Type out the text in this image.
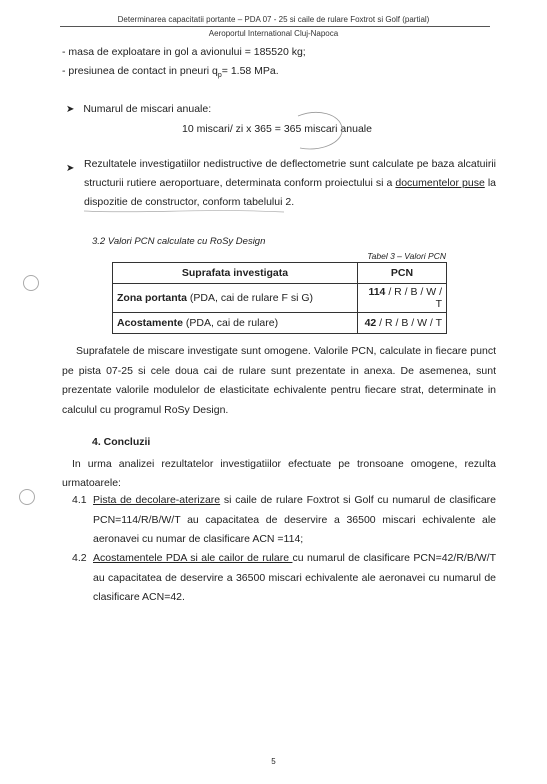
Determinarea capacitatii portante – PDA 07 - 25 si caile de rulare Foxtrot si Golf (partial)
Aeroportul International Cluj-Napoca
- masa de exploatare in gol a avionului = 185520 kg;
- presiunea de contact in pneuri $q_p= 1.58$ MPa.
➤ Numarul de miscari anuale:
10 miscari/ zi x 365 = 365 miscari anuale
➤ Rezultatele investigatiilor nedistructive de deflectometrie sunt calculate pe baza alcatuirii structurii rutiere aeroportuare, determinata conform proiectului si a documentelor puse la dispozitie de constructor, conform tabelului 2.
3.2 Valori PCN calculate cu RoSy Design
Tabel 3 – Valori PCN
Suprafata investigata	PCN
Zona portanta (PDA, cai de rulare F si G)	114 / R / B / W / T
Acostamente (PDA, cai de rulare)	42 / R / B / W / T
Suprafatele de miscare investigate sunt omogene. Valorile PCN, calculate in fiecare punct pe pista 07-25 si cele doua cai de rulare sunt prezentate in anexa. De asemenea, sunt prezentate valorile modulelor de elasticitate echivalente pentru fiecare strat, determinate in calculul cu programul RoSy Design.
4. Concluzii
In urma analizei rezultatelor investigatiilor efectuate pe tronsoane omogene, rezulta urmatoarele:
4.1 Pista de decolare-aterizare si caile de rulare Foxtrot si Golf cu numarul de clasificare PCN=114/R/B/W/T au capacitatea de deservire a 36500 miscari echivalente ale aeronavei cu numar de clasificare ACN =114;
4.2 Acostamentele PDA si ale cailor de rulare cu numarul de clasificare PCN=42/R/B/W/T au capacitatea de deservire a 36500 miscari echivalente ale aeronavei cu numarul de clasificare ACN=42.
5
